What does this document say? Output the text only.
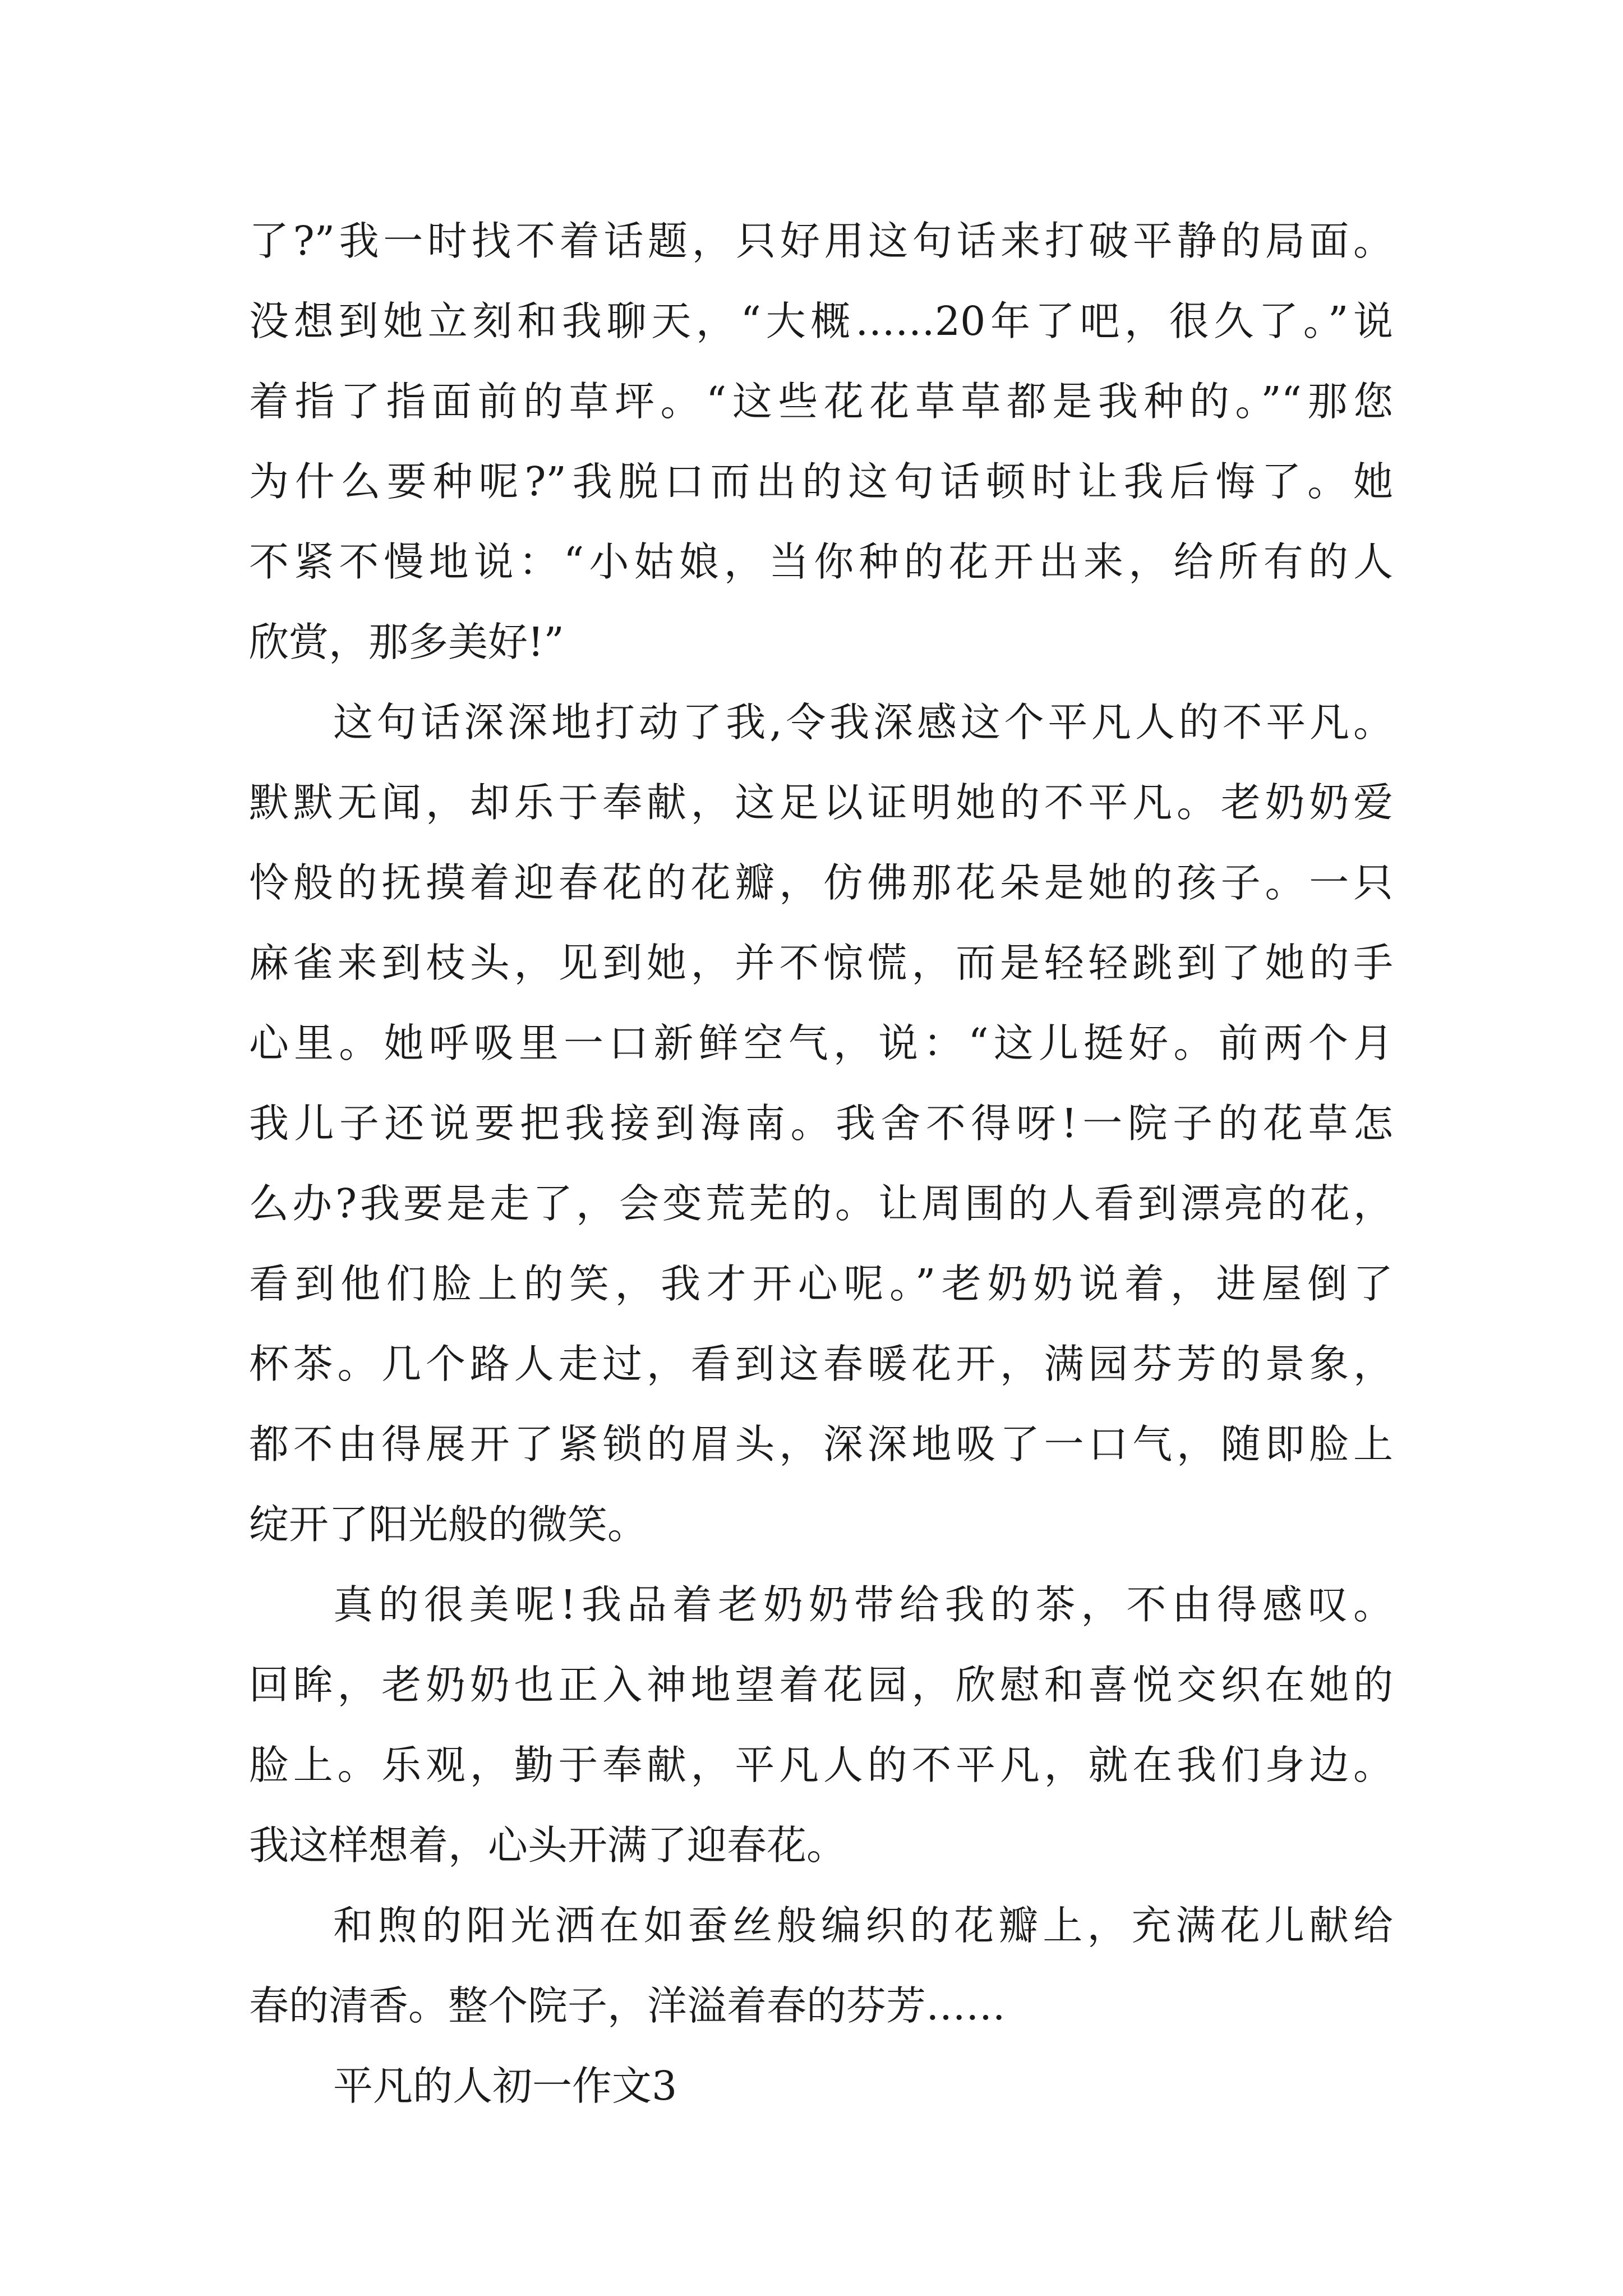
了?”我一时找不着话题，只好用这句话来打破平静的局面。
没想到她立刻和我聊天，“大概……20年了吧，很久了。”说
着指了指面前的草坪。“这些花花草草都是我种的。”“那您
为什么要种呢?”我脱口而出的这句话顿时让我后悔了。她
不紧不慢地说：“小姑娘，当你种的花开出来，给所有的人
欣赏，那多美好!”
这句话深深地打动了我,令我深感这个平凡人的不平凡。
默默无闻，却乐于奉献，这足以证明她的不平凡。老奶奶爱
怜般的抚摸着迎春花的花瓣，仿佛那花朵是她的孩子。一只
麻雀来到枝头，见到她，并不惊慌，而是轻轻跳到了她的手
心里。她呼吸里一口新鲜空气，说：“这儿挺好。前两个月
我儿子还说要把我接到海南。我舍不得呀!一院子的花草怎
么办?我要是走了，会变荒芜的。让周围的人看到漂亮的花，
看到他们脸上的笑，我才开心呢。”老奶奶说着，进屋倒了
杯茶。几个路人走过，看到这春暖花开，满园芬芳的景象，
都不由得展开了紧锁的眉头，深深地吸了一口气，随即脸上
绽开了阳光般的微笑。
真的很美呢!我品着老奶奶带给我的茶，不由得感叹。
回眸，老奶奶也正入神地望着花园，欣慰和喜悦交织在她的
脸上。乐观，勤于奉献，平凡人的不平凡，就在我们身边。
我这样想着，心头开满了迎春花。
和煦的阳光洒在如蚕丝般编织的花瓣上，充满花儿献给
春的清香。整个院子，洋溢着春的芬芳……
平凡的人初一作文3
